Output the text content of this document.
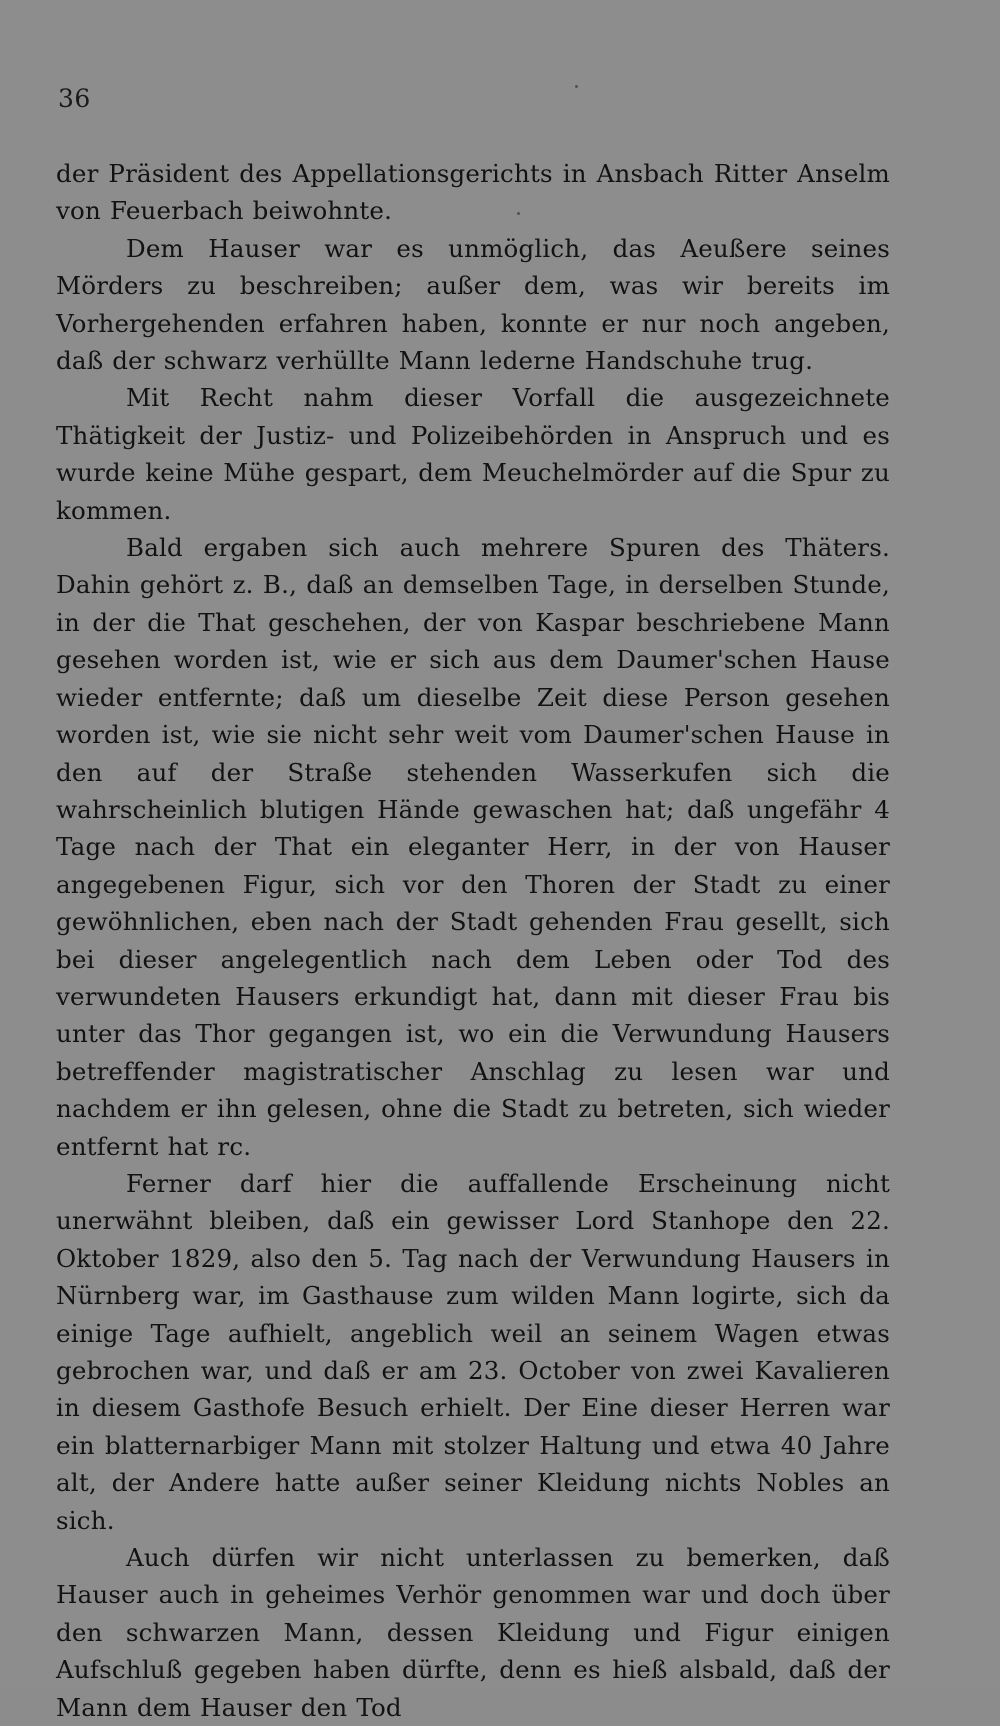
36

der Präsident des Appellationsgerichts in Ansbach Ritter Anselm von Feuerbach beiwohnte.

Dem Hauser war es unmöglich, das Aeußere seines Mörders zu beschreiben; außer dem, was wir bereits im Vorhergehenden erfahren haben, konnte er nur noch angeben, daß der schwarz verhüllte Mann lederne Handschuhe trug.

Mit Recht nahm dieser Vorfall die ausgezeichnete Thätigkeit der Justiz- und Polizeibehörden in Anspruch und es wurde keine Mühe gespart, dem Meuchelmörder auf die Spur zu kommen.

Bald ergaben sich auch mehrere Spuren des Thäters. Dahin gehört z. B., daß an demselben Tage, in derselben Stunde, in der die That geschehen, der von Kaspar beschriebene Mann gesehen worden ist, wie er sich aus dem Daumer'schen Hause wieder entfernte; daß um dieselbe Zeit diese Person gesehen worden ist, wie sie nicht sehr weit vom Daumer'schen Hause in den auf der Straße stehenden Wasserkufen sich die wahrscheinlich blutigen Hände gewaschen hat; daß ungefähr 4 Tage nach der That ein eleganter Herr, in der von Hauser angegebenen Figur, sich vor den Thoren der Stadt zu einer gewöhnlichen, eben nach der Stadt gehenden Frau gesellt, sich bei dieser angelegentlich nach dem Leben oder Tod des verwundeten Hausers erkundigt hat, dann mit dieser Frau bis unter das Thor gegangen ist, wo ein die Verwundung Hausers betreffender magistratischer Anschlag zu lesen war und nachdem er ihn gelesen, ohne die Stadt zu betreten, sich wieder entfernt hat rc.

Ferner darf hier die auffallende Erscheinung nicht unerwähnt bleiben, daß ein gewisser Lord Stanhope den 22. Oktober 1829, also den 5. Tag nach der Verwundung Hausers in Nürnberg war, im Gasthause zum wilden Mann logirte, sich da einige Tage aufhielt, angeblich weil an seinem Wagen etwas gebrochen war, und daß er am 23. October von zwei Kavalieren in diesem Gasthofe Besuch erhielt. Der Eine dieser Herren war ein blatternarbiger Mann mit stolzer Haltung und etwa 40 Jahre alt, der Andere hatte außer seiner Kleidung nichts Nobles an sich.

Auch dürfen wir nicht unterlassen zu bemerken, daß Hauser auch in geheimes Verhör genommen war und doch über den schwarzen Mann, dessen Kleidung und Figur einigen Aufschluß gegeben haben dürfte, denn es hieß alsbald, daß der Mann dem Hauser den Tod
